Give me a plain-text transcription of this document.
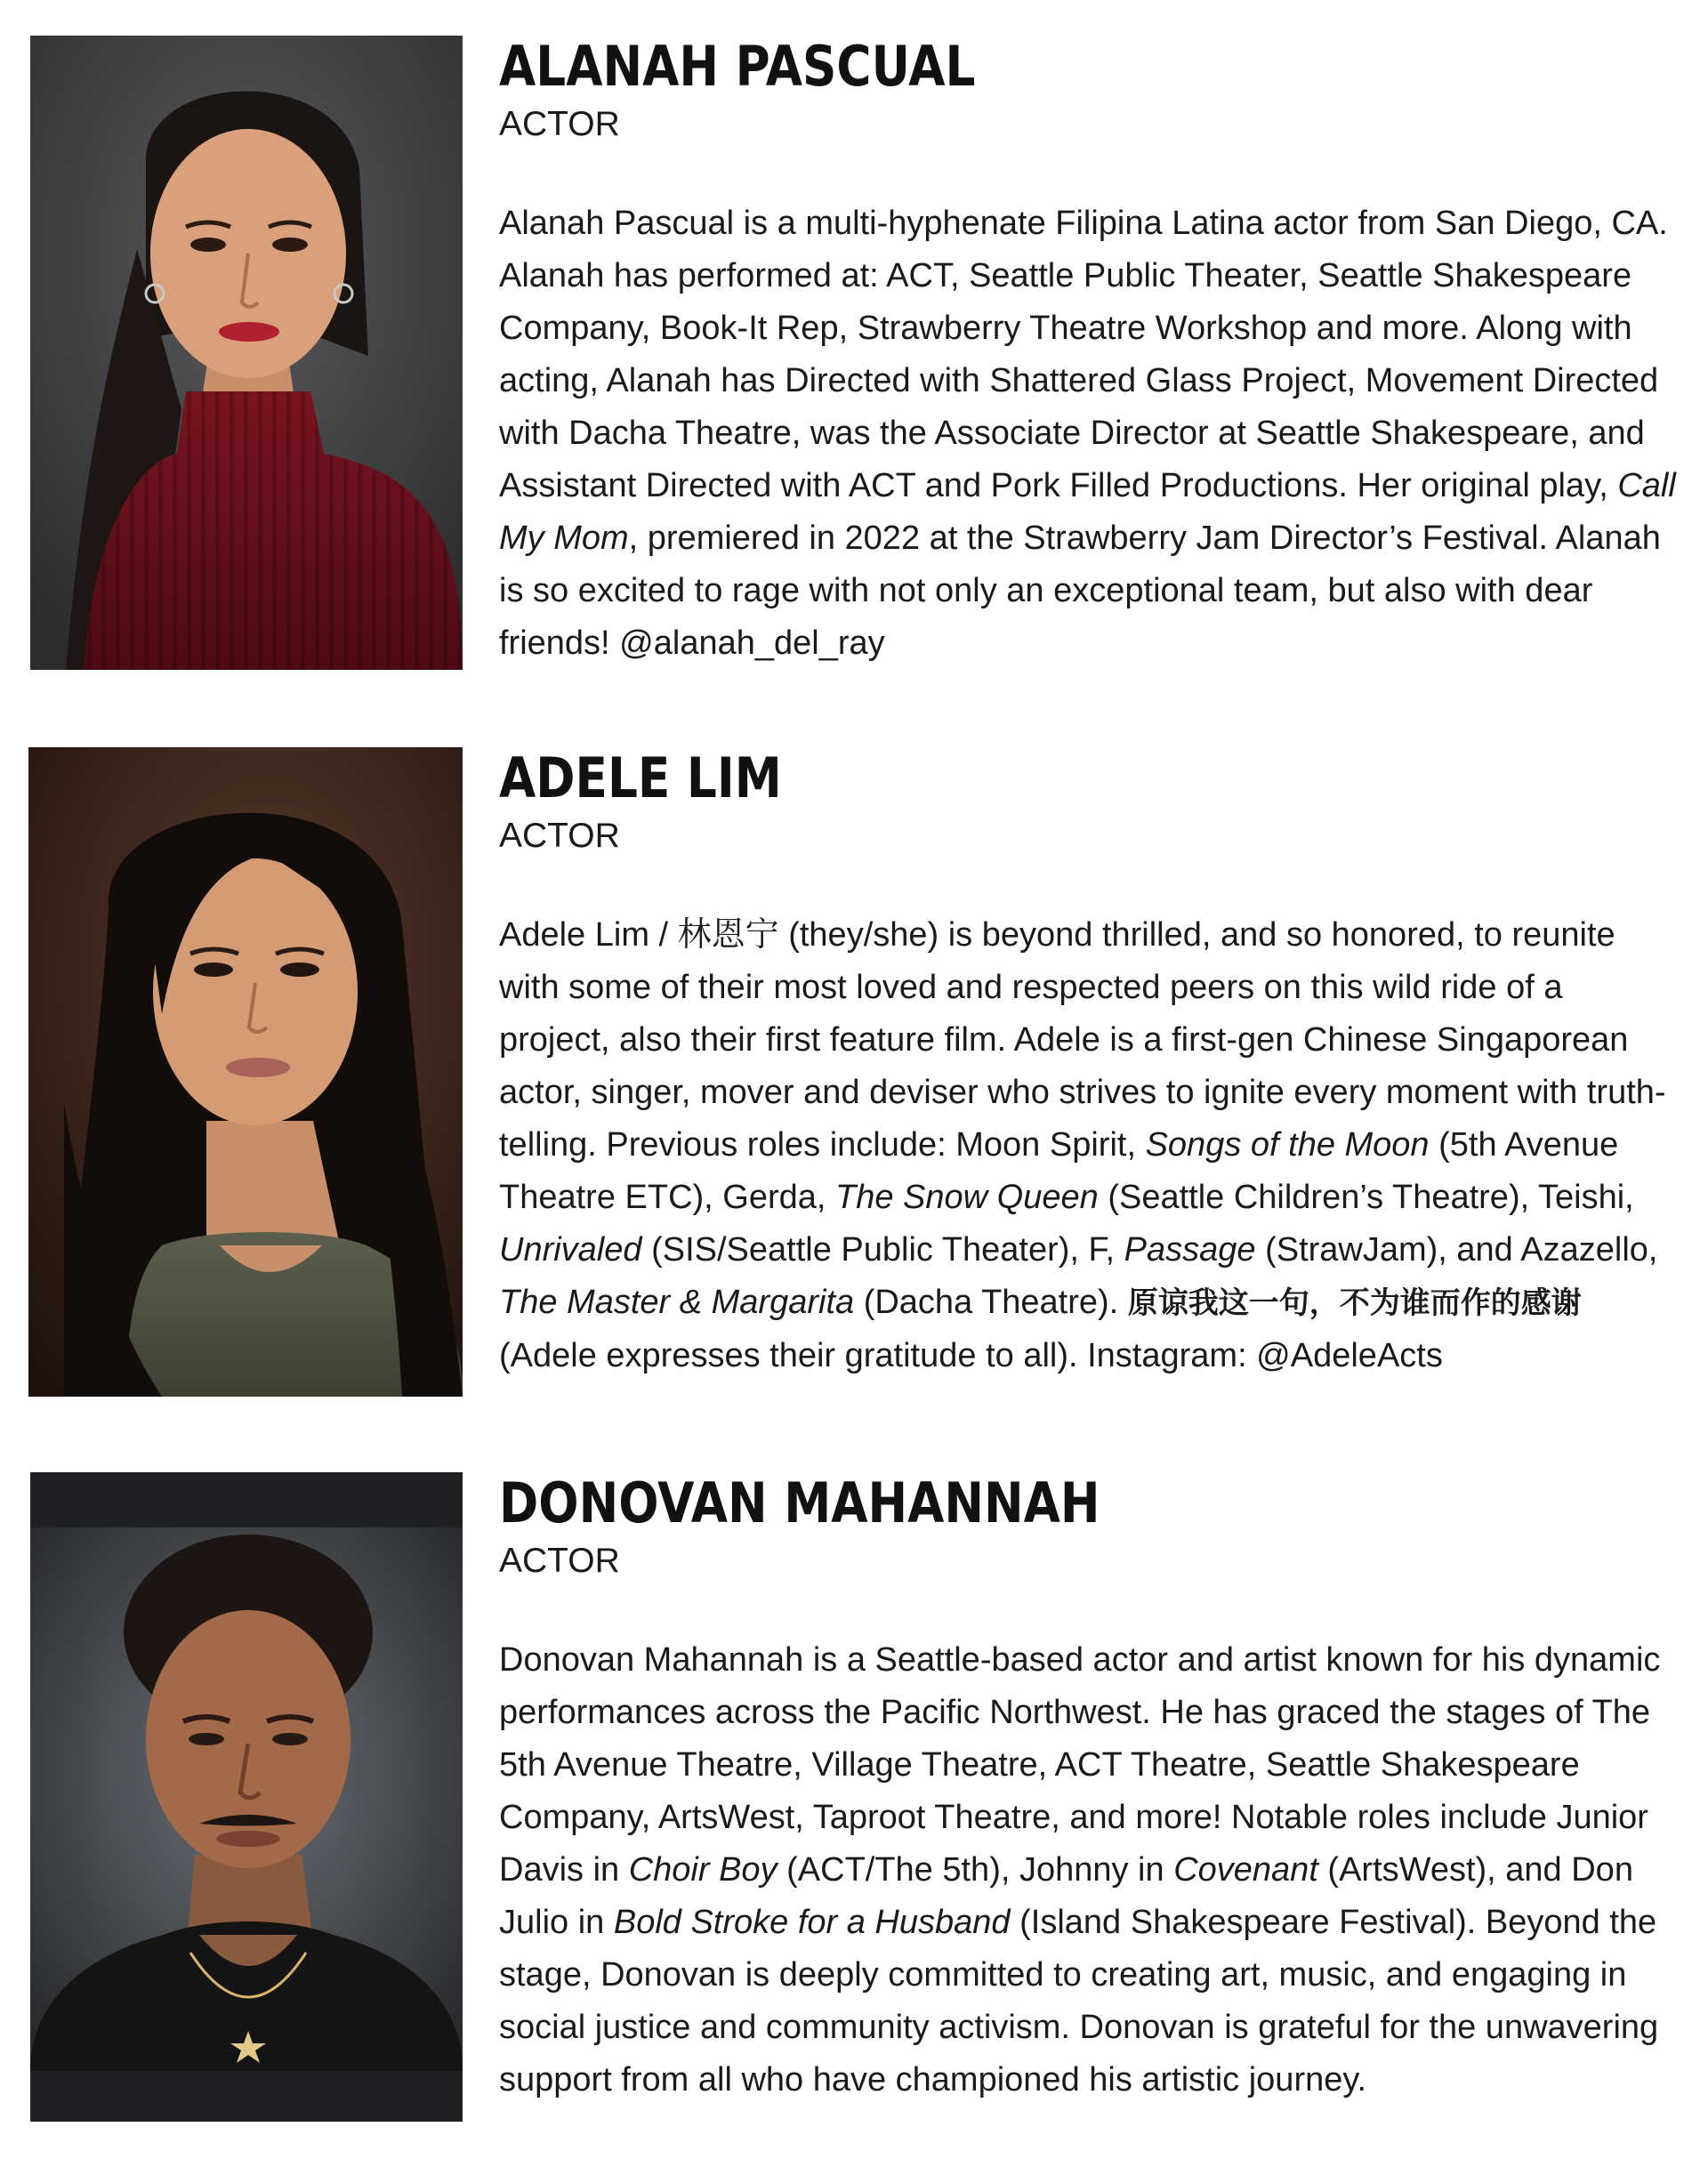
ALANAH PASCUAL
ACTOR

Alanah Pascual is a multi-hyphenate Filipina Latina actor from San Diego, CA. Alanah has performed at: ACT, Seattle Public Theater, Seattle Shakespeare Company, Book-It Rep, Strawberry Theatre Workshop and more. Along with acting, Alanah has Directed with Shattered Glass Project, Movement Directed with Dacha Theatre, was the Associate Director at Seattle Shakespeare, and Assistant Directed with ACT and Pork Filled Productions. Her original play, Call My Mom, premiered in 2022 at the Strawberry Jam Director’s Festival. Alanah is so excited to rage with not only an exceptional team, but also with dear friends! @alanah_del_ray

ADELE LIM
ACTOR

Adele Lim / 林恩宁 (they/she) is beyond thrilled, and so honored, to reunite with some of their most loved and respected peers on this wild ride of a project, also their first feature film. Adele is a first-gen Chinese Singaporean actor, singer, mover and deviser who strives to ignite every moment with truth-telling. Previous roles include: Moon Spirit, Songs of the Moon (5th Avenue Theatre ETC), Gerda, The Snow Queen (Seattle Children’s Theatre), Teishi, Unrivaled (SIS/Seattle Public Theater), F, Passage (StrawJam), and Azazello, The Master & Margarita (Dacha Theatre). 原谅我这一句，不为谁而作的感谢 (Adele expresses their gratitude to all). Instagram: @AdeleActs

DONOVAN MAHANNAH
ACTOR

Donovan Mahannah is a Seattle-based actor and artist known for his dynamic performances across the Pacific Northwest. He has graced the stages of The 5th Avenue Theatre, Village Theatre, ACT Theatre, Seattle Shakespeare Company, ArtsWest, Taproot Theatre, and more! Notable roles include Junior Davis in Choir Boy (ACT/The 5th), Johnny in Covenant (ArtsWest), and Don Julio in Bold Stroke for a Husband (Island Shakespeare Festival). Beyond the stage, Donovan is deeply committed to creating art, music, and engaging in social justice and community activism. Donovan is grateful for the unwavering support from all who have championed his artistic journey.
